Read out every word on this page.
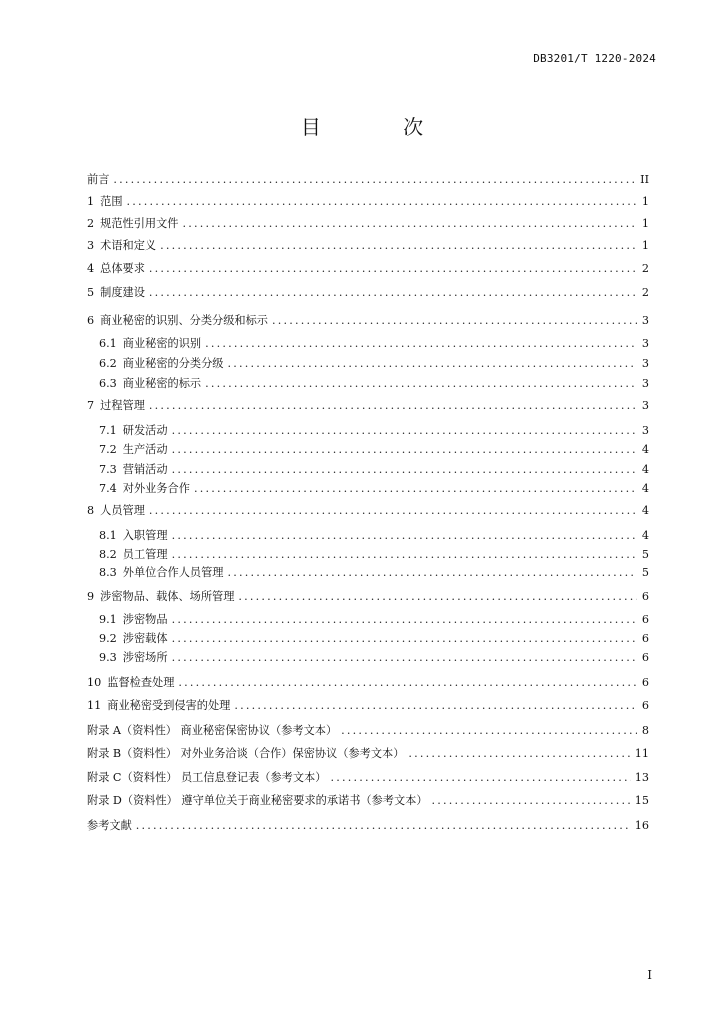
DB3201/T 1220-2024
目 次
前言 .....	II
1 范围 .....	1
2 规范性引用文件 .....	1
3 术语和定义 .....	1
4 总体要求 .....	2
5 制度建设 .....	2
6 商业秘密的识别、分类分级和标示 .....	3
6.1 商业秘密的识别 .....	3
6.2 商业秘密的分类分级 .....	3
6.3 商业秘密的标示 .....	3
7 过程管理 .....	3
7.1 研发活动 .....	3
7.2 生产活动 .....	4
7.3 营销活动 .....	4
7.4 对外业务合作 .....	4
8 人员管理 .....	4
8.1 入职管理 .....	4
8.2 员工管理 .....	5
8.3 外单位合作人员管理 .....	5
9 涉密物品、载体、场所管理 .....	6
9.1 涉密物品 .....	6
9.2 涉密载体 .....	6
9.3 涉密场所 .....	6
10 监督检查处理 .....	6
11 商业秘密受到侵害的处理 .....	6
附录 A（资料性） 商业秘密保密协议（参考文本） .....	8
附录 B（资料性） 对外业务洽谈（合作）保密协议（参考文本） .....	11
附录 C（资料性） 员工信息登记表（参考文本） .....	13
附录 D（资料性） 遵守单位关于商业秘密要求的承诺书（参考文本） .....	15
参考文献 .....	16
I
